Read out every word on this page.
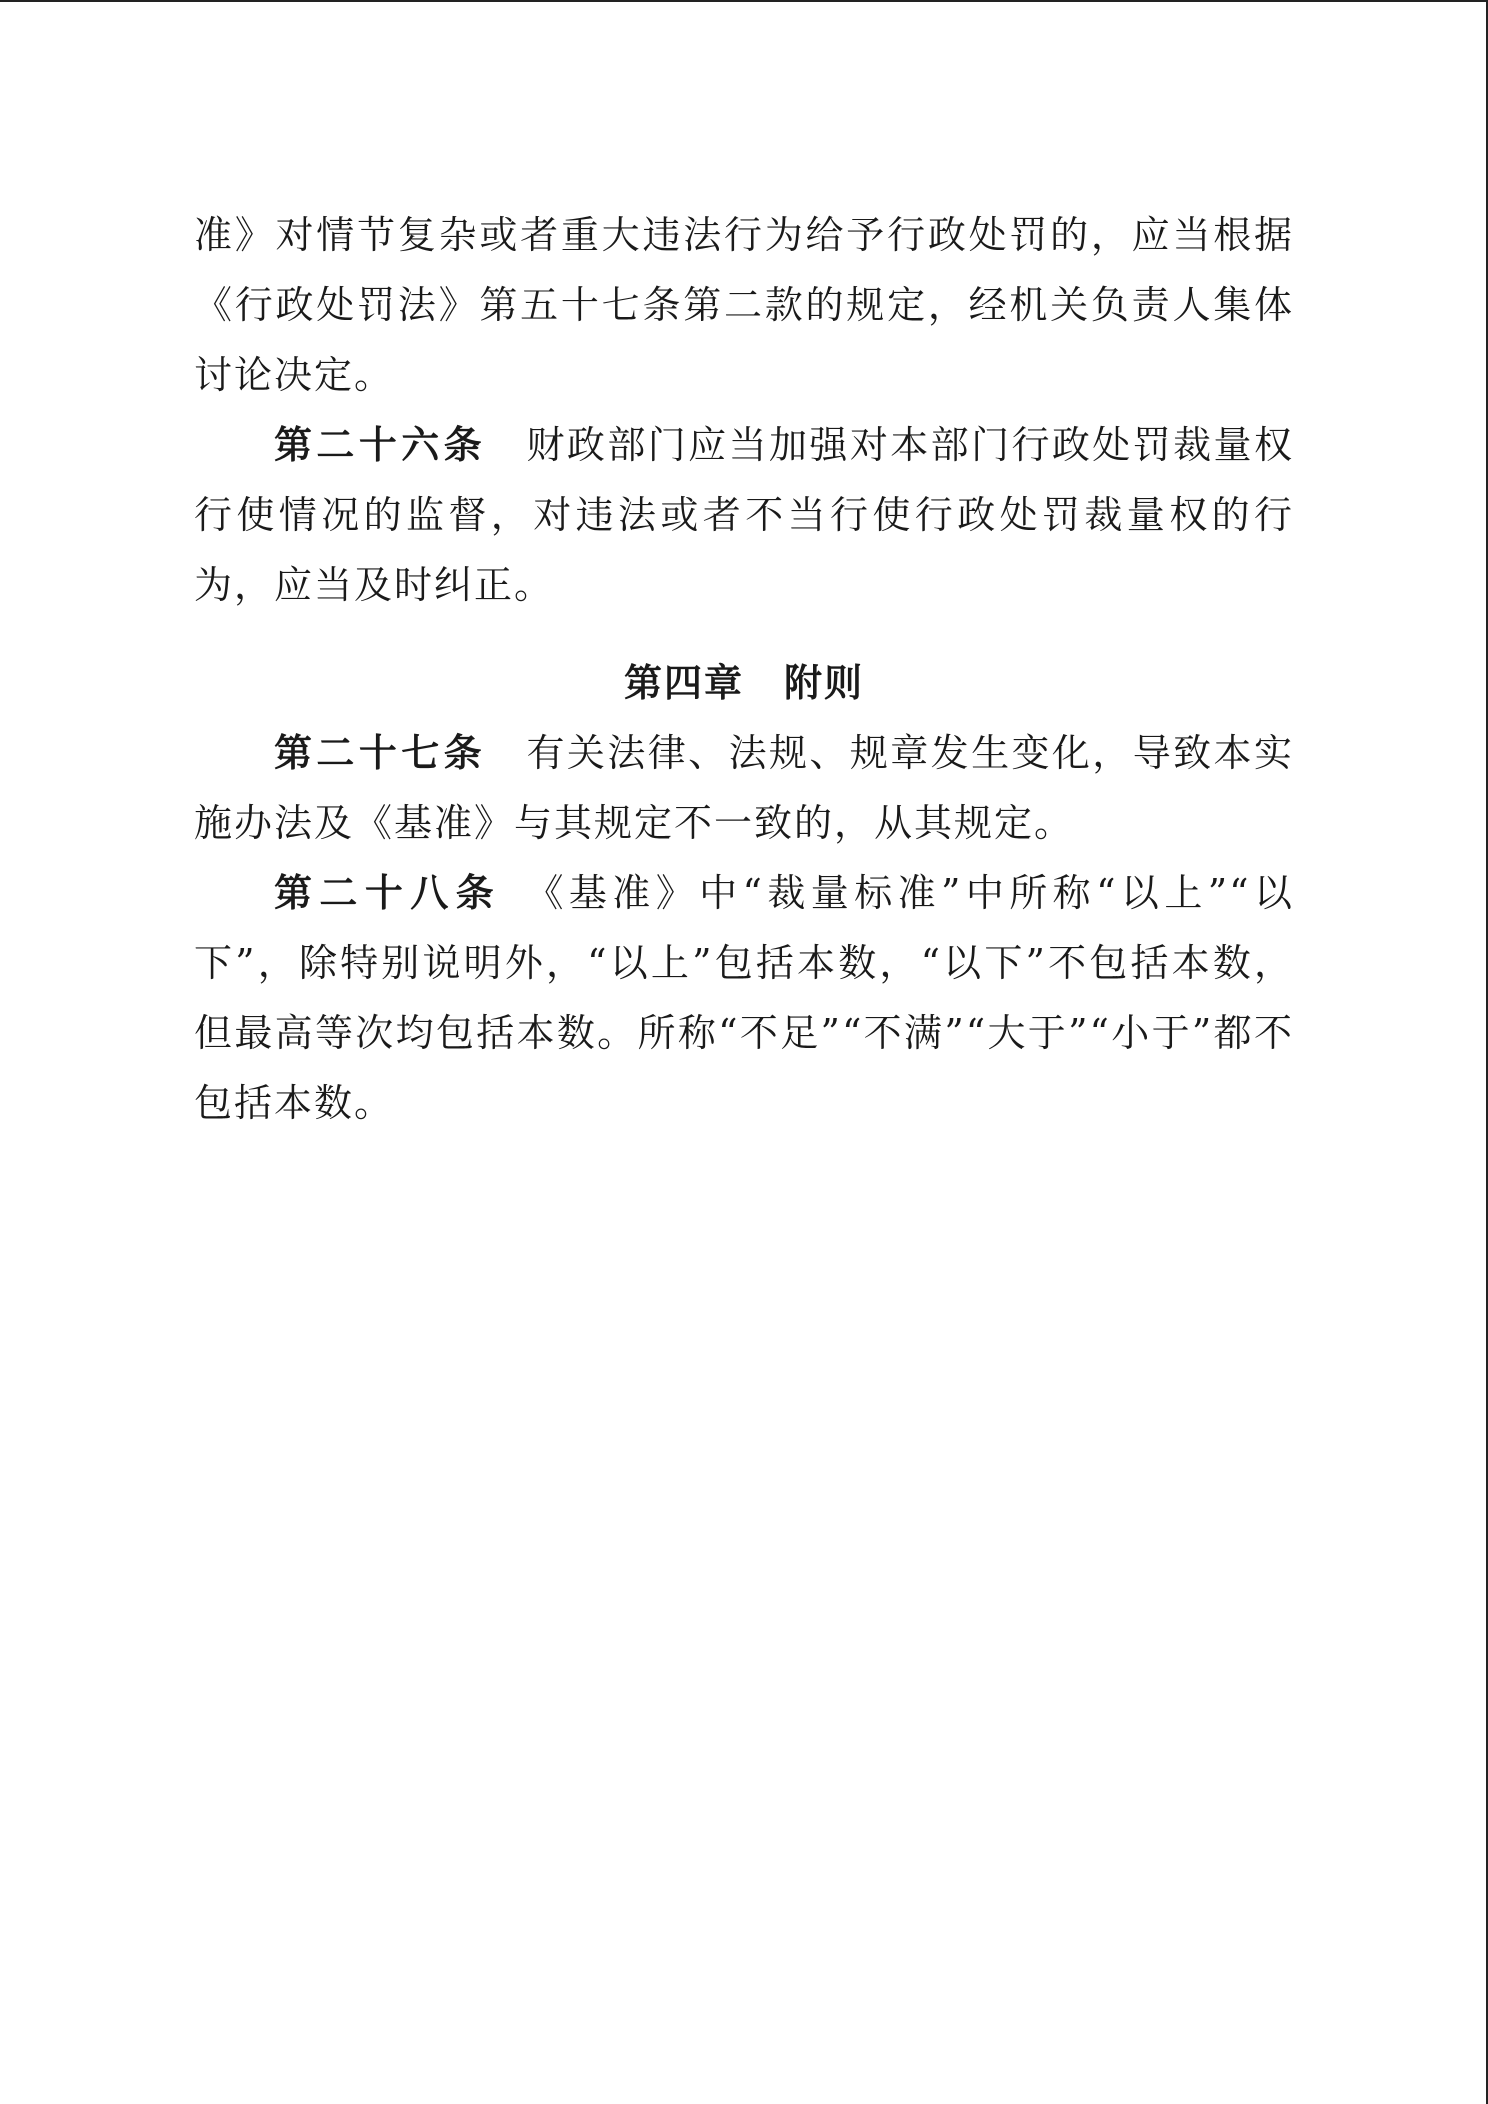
准》对情节复杂或者重大违法行为给予行政处罚的，应当根据《行政处罚法》第五十七条第二款的规定，经机关负责人集体讨论决定。

第二十六条　 财政部门应当加强对本部门行政处罚裁量权行使情况的监督，对违法或者不当行使行政处罚裁量权的行为，应当及时纠正。

第四章　附则

第二十七条　 有关法律、法规、规章发生变化，导致本实施办法及《基准》与其规定不一致的，从其规定。

第二十八条　 《基准》中“裁量标准”中所称“以上”“以下”，除特别说明外，“以上”包括本数，“以下”不包括本数，但最高等次均包括本数。所称“不足”“不满”“大于”“小于”都不包括本数。
